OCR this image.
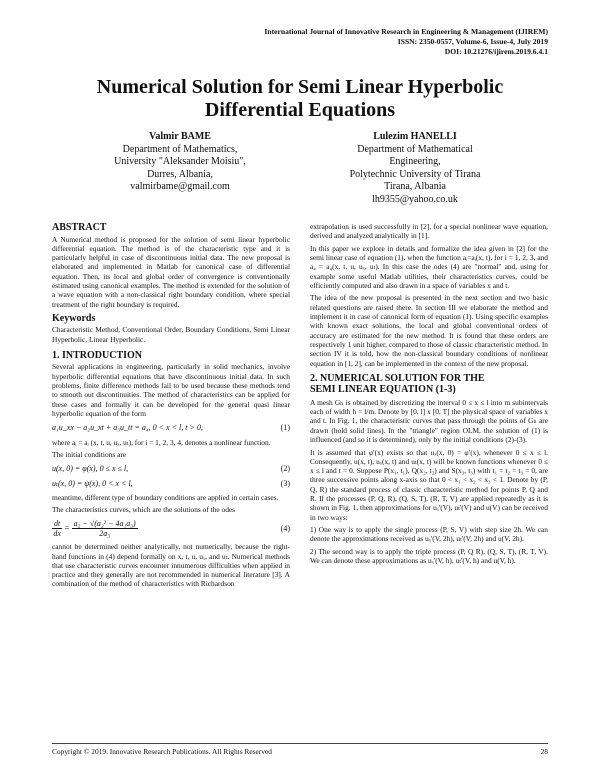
International Journal of Innovative Research in Engineering & Management (IJIREM)
ISSN: 2350-0557, Volume-6, Issue-4, July 2019
DOI: 10.21276/ijirem.2019.6.4.1
Numerical Solution for Semi Linear Hyperbolic
Differential Equations
Valmir BAME
Department of Mathematics,
University "Aleksander Moisiu",
Durres, Albania,
valmirbame@gmail.com
Lulezim HANELLI
Department of Mathematical
Engineering,
Polytechnic University of Tirana
Tirana, Albania
lh9355@yahoo.co.uk
ABSTRACT

A Numerical method is proposed for the solution of semi linear hyperbolic differential equation. The method is of the characteristic type and it is particularly helpful in case of discontinuous initial data. The new proposal is elaborated and implemented in Matlab for canonical case of differential equation. Then, its local and global order of convergence is conventionally estimated using canonical examples. The method is extended for the solution of a wave equation with a non-classical right boundary condition, where special treatment of the right boundary is required.

Keywords

Characteristic Method, Conventional Order, Boundary Conditions, Semi Linear Hyperbolic, Linear Hyperbolic.

1. INTRODUCTION

Several applications in engineering, particularly in solid mechanics, involve hyperbolic differential equations that have discontinuous initial data. In such problems, finite difference methods fail to be used because these methods tend to smooth out discontinuities. The method of characteristics can be applied for these cases and formally it can be developed for the general quasi linear hyperbolic equation of the form

a₁u_xx − a₂u_xt + a₃u_tt = a₄, 0 < x < l, t > 0,	(1)

where aᵢ = aᵢ (x, t, u, uₓ, uₜ), for i = 1, 2, 3, 4, denotes a nonlinear function.

The initial conditions are

u(x, 0) = φ(x), 0 ≤ x ≤ l,	(2)
uₜ(x, 0) = ψ(x), 0 < x < l,	(3)

meantime, different type of boundary conditions are applied in certain cases.

The characteristics curves, which are the solutions of the odes

$\frac{dt}{dx} = \frac{\text{a₂ − √(a₂² − 4a₁a₃)}}{\text{2a₃}}$	(4)

cannot be determined neither analytically, not numerically, because the right-hand functions in (4) depend formally on x, t, u, uₓ, and uₜ. Numerical methods that use characteristic curves encounter innumerous difficulties when applied in practice and they generally are not recommended in numerical literature [3]. A combination of the method of characteristics with Richardson

extrapolation is used successfully in [2], for a special nonlinear wave equation, derived and analyzed analytically in [1].

In this paper we explore in details and formalize the idea given in [2] for the semi linear case of equation (1), when the function aᵢ=aᵢ(x, t), for i = 1, 2, 3, and a₄ = a₄(x, t, u, uₓ, uₜ). In this case the odes (4) are "normal" and, using for example some useful Matlab utilities, their characteristics curves, could be efficiently computed and also drawn in a space of variables x and t.

The idea of the new proposal is presented in the next section and two basic related questions are raised there. In section III we elaborate the method and implement it in case of canonical form of equation (1). Using specific examples with known exact solutions, the local and global conventional orders of accuracy are estimated for the new method. It is found that these orders are respectively 1 unit higher, compared to those of classic characteristic method. In section IV it is told, how the non-classical boundary conditions of nonlinear equation in [1, 2], can be implemented in the context of the new proposal.

2. NUMERICAL SOLUTION FOR THE
SEMI LINEAR EQUATION (1-3)

A mesh Gₕ is obtained by discretizing the interval 0 ≤ x ≤ l into m subintervals each of width h = l/m. Denote by [0, l] x [0, T] the physical space of variables x and t. In Fig. 1, the characteristic curves that pass through the points of Gₕ are drawn (hold solid lines). In the "triangle" region OLM, the solution of (1) is influenced (and so it is determined), only by the initial conditions (2)-(3).

It is assumed that φ′(x) exists so that uₓ(x, 0) = φ′(x), whenever 0 ≤ x ≤ l. Consequently, u(x, t), uₓ(x, t) and uₜ(x, t) will be known functions whenever 0 ≤ x ≤ l and t = 0. Suppose P(x₁, t₁), Q(x₂, t₂) and S(x₃, t₃) with t₁ = t₂ = t₃ = 0, are three successive points along x-axis so that 0 < x₁ < x₂ < x₃ < 1. Denote by (P, Q, R) the standard process of classic characteristic method for points P, Q and R. If the processes (P, Q, R), (Q, S, T), (R, T, V) are applied repeatedly as it is shown in Fig. 1, then approximations for uₓ'(V), uₜ'(V) and u(V) can be received in two ways:

1) One way is to apply the single process (P, S, V) with step size 2h. We can denote the approximations received as uₓ'(V, 2h), uₜ'(V, 2h) and u(V, 2h).

2) The second way is to apply the triple process (P, Q R), (Q, S, T), (R, T, V). We can denote these approximations as uₓ'(V, h), uₜ'(V, h) and u(V, h).

Copyright © 2019. Innovative Research Publications. All Rights Reserved	28
